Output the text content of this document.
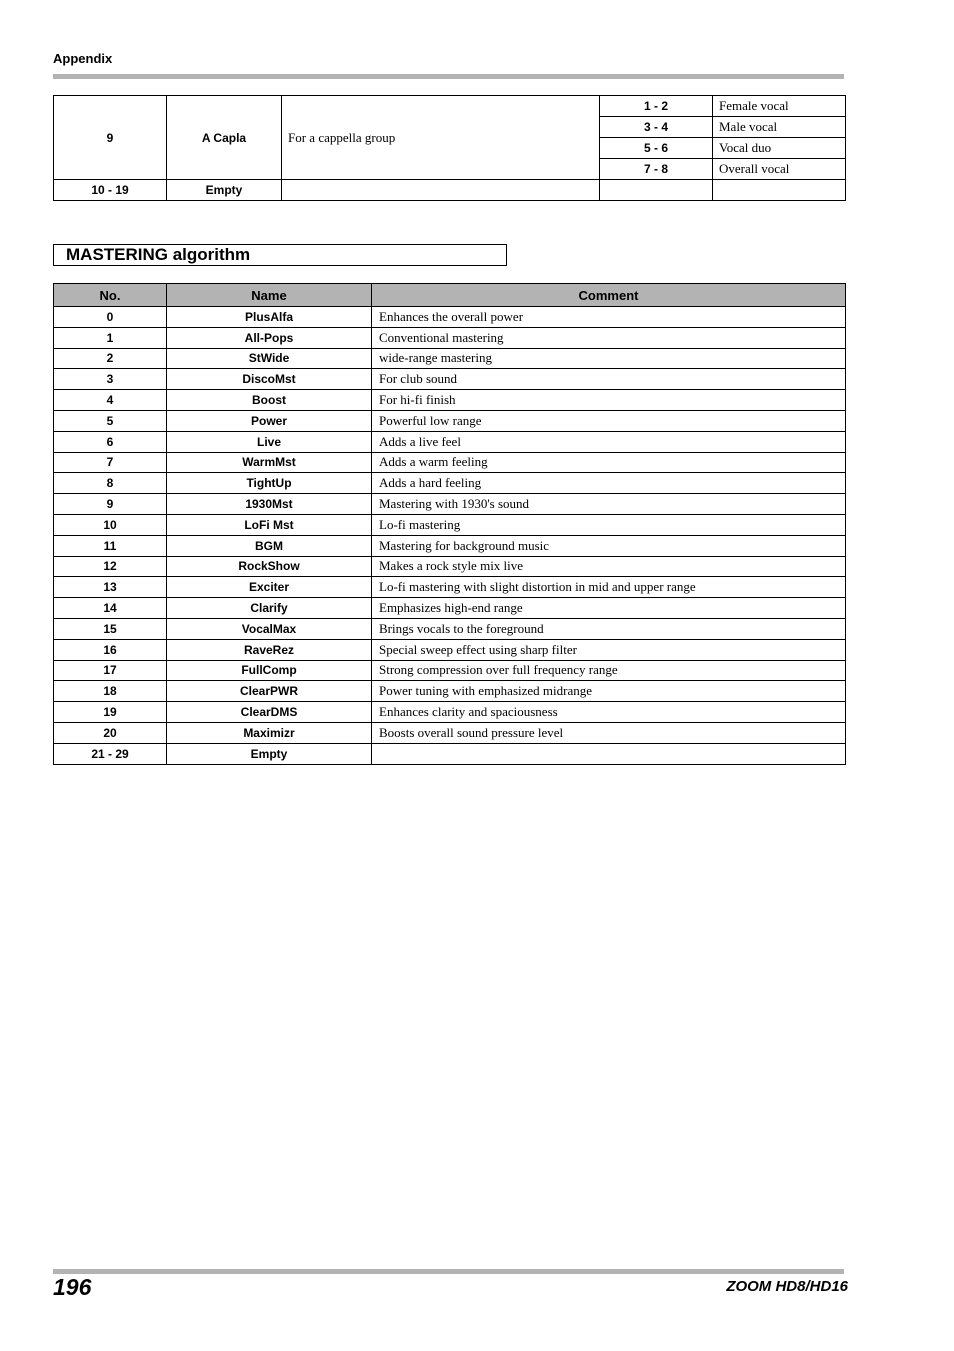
Appendix
9	A Capla	For a cappella group	1 - 2	Female vocal
			3 - 4	Male vocal
			5 - 6	Vocal duo
			7 - 8	Overall vocal
10 - 19	Empty			
MASTERING algorithm
No.	Name	Comment
0	PlusAlfa	Enhances the overall power
1	All-Pops	Conventional mastering
2	StWide	wide-range mastering
3	DiscoMst	For club sound
4	Boost	For hi-fi finish
5	Power	Powerful low range
6	Live	Adds a live feel
7	WarmMst	Adds a warm feeling
8	TightUp	Adds a hard feeling
9	1930Mst	Mastering with 1930's sound
10	LoFi Mst	Lo-fi mastering
11	BGM	Mastering for background music
12	RockShow	Makes a rock style mix live
13	Exciter	Lo-fi mastering with slight distortion in mid and upper range
14	Clarify	Emphasizes high-end range
15	VocalMax	Brings vocals to the foreground
16	RaveRez	Special sweep effect using sharp filter
17	FullComp	Strong compression over full frequency range
18	ClearPWR	Power tuning with emphasized midrange
19	ClearDMS	Enhances clarity and spaciousness
20	Maximizr	Boosts overall sound pressure level
21 - 29	Empty	
196	ZOOM HD8/HD16
